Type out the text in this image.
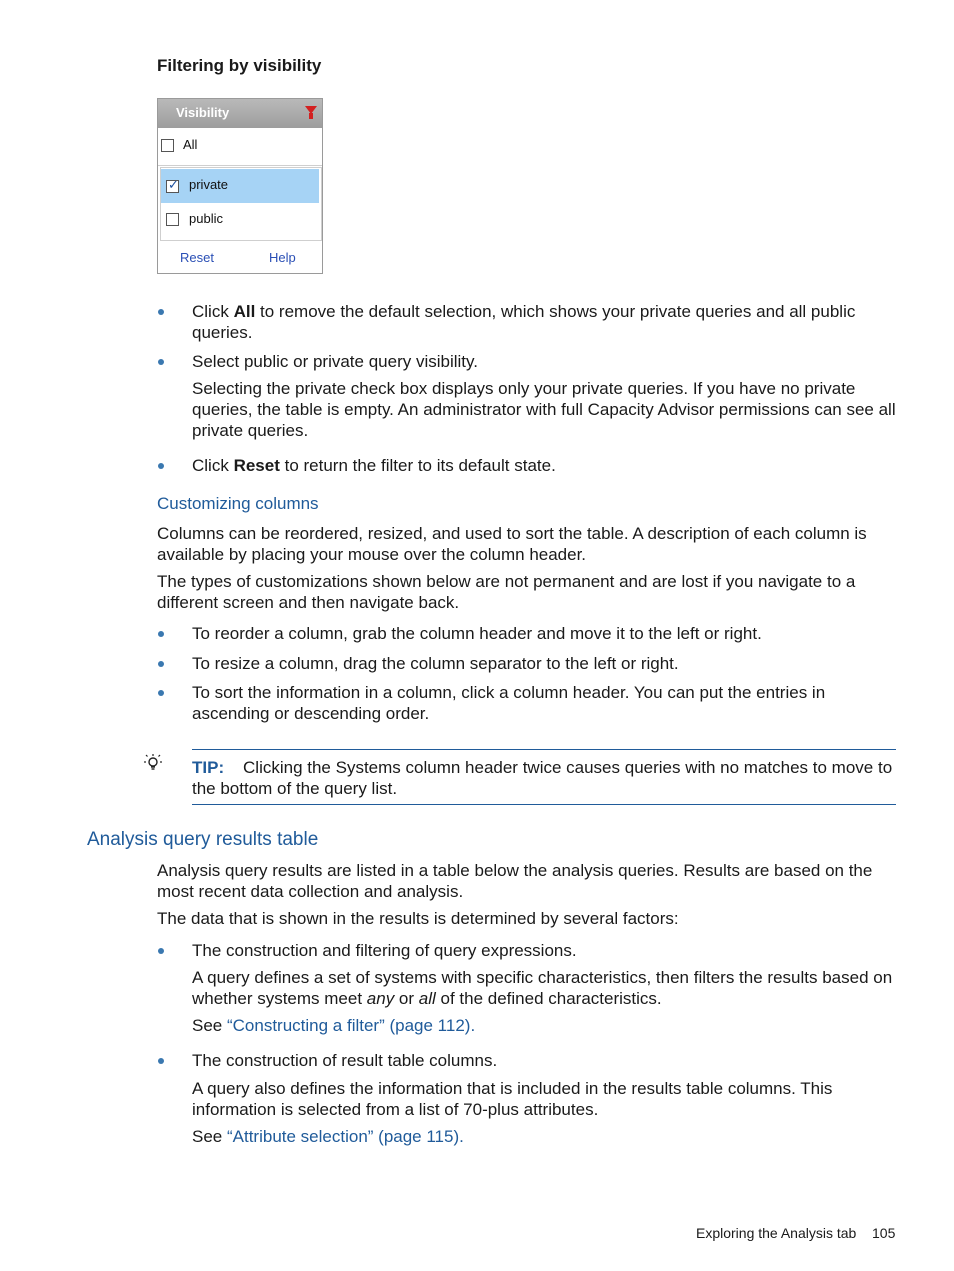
Filtering by visibility
Visibility
All
✓ private
public
Reset	Help
Click All to remove the default selection, which shows your private queries and all public queries.
Select public or private query visibility.
Selecting the private check box displays only your private queries. If you have no private queries, the table is empty. An administrator with full Capacity Advisor permissions can see all private queries.
Click Reset to return the filter to its default state.
Customizing columns
Columns can be reordered, resized, and used to sort the table. A description of each column is available by placing your mouse over the column header.
The types of customizations shown below are not permanent and are lost if you navigate to a different screen and then navigate back.
To reorder a column, grab the column header and move it to the left or right.
To resize a column, drag the column separator to the left or right.
To sort the information in a column, click a column header. You can put the entries in ascending or descending order.
TIP: Clicking the Systems column header twice causes queries with no matches to move to the bottom of the query list.
Analysis query results table
Analysis query results are listed in a table below the analysis queries. Results are based on the most recent data collection and analysis.
The data that is shown in the results is determined by several factors:
The construction and filtering of query expressions.
A query defines a set of systems with specific characteristics, then filters the results based on whether systems meet any or all of the defined characteristics.
See “Constructing a filter” (page 112).
The construction of result table columns.
A query also defines the information that is included in the results table columns. This information is selected from a list of 70-plus attributes.
See “Attribute selection” (page 115).
Exploring the Analysis tab 105
